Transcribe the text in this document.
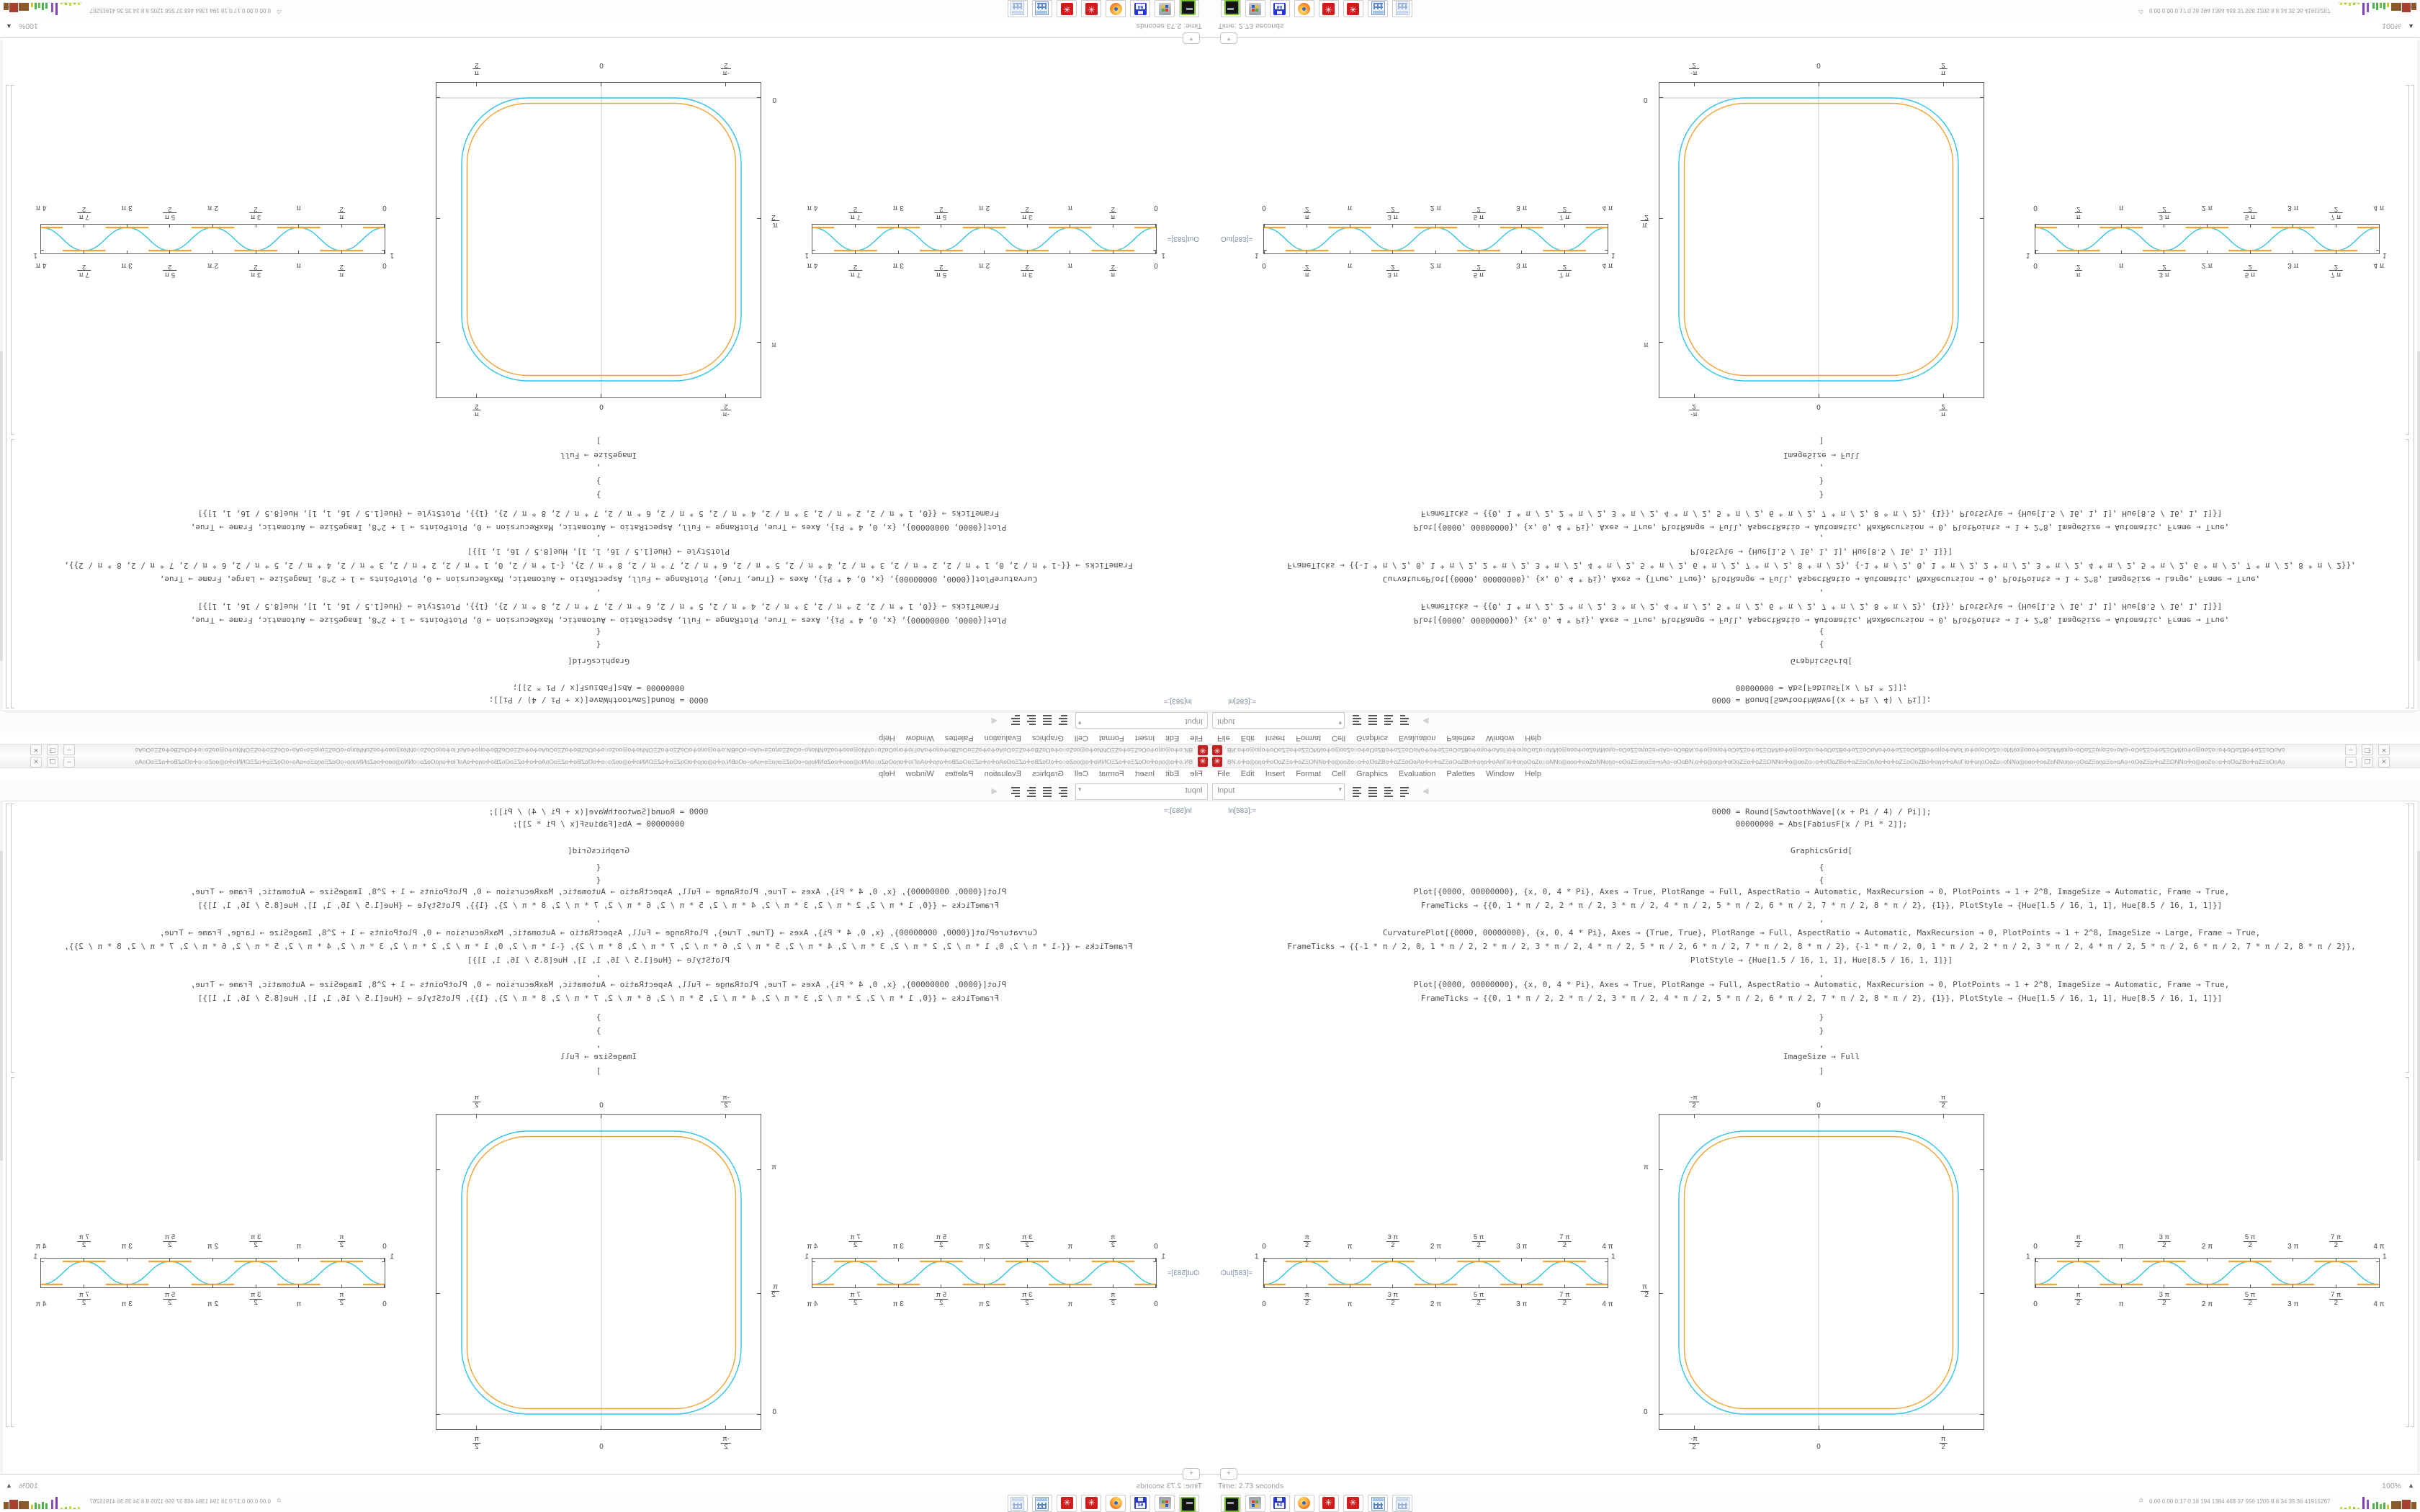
✳
ΒΝ.ο✛ο◎οηο✛οΟοΖΞο✛οΖΞΟΝΝο✛ο◎οοΖο○ο✛ο℧οΖΒο✛οΖΞοΟοΑο✛ο✛οΖΞοΟοΖΒο✛οηο✛οΑοΓΙο✛οηοΟοΖο○οΝΝο◎οοο✛οοΖοΝΝοηο÷οΟοΖΞοηοΞο=οΑο÷οΟοΒΝ.ο✛ο◎οηο✛οΟοΖΞο✛οΖΞΟΝΝο✛ο◎οοΖο○ο✛ο℧οΖΒο✛οΖΞοΟοΑο✛ο✛οΖΞοΟοΖΒο✛οηο✛οΑοΓΙο✛οηοΟοΖο○οΝΝο◎οοο✛οοΖοΝΝοηο÷οΟοΖΞοηοΞο=οΑο÷οΟοΖΞο✛οΖΞΟΝΝο✛ο◎οοΖο○ο✛ο℧οΖΒο✛οΖΞοΟοΑο
–
❐
✕
File
Edit
Insert
Format
Cell
Graphics
Evaluation
Palettes
Window
Help
Input
▾
◀
In[583]:=
0000 = Round[SawtoothWave[(x + Pi / 4) / Pi]];
00000000 = Abs[FabiusF[x / Pi * 2]];
GraphicsGrid[
{
{
Plot[{0000, 00000000}, {x, 0, 4 * Pi}, Axes → True, PlotRange → Full, AspectRatio → Automatic, MaxRecursion → 0, PlotPoints → 1 + 2^8, ImageSize → Automatic, Frame → True,
FrameTicks → {{0, 1 * π / 2, 2 * π / 2, 3 * π / 2, 4 * π / 2, 5 * π / 2, 6 * π / 2, 7 * π / 2, 8 * π / 2}, {1}}, PlotStyle → {Hue[1.5 / 16, 1, 1], Hue[8.5 / 16, 1, 1]}]
,
CurvaturePlot[{0000, 00000000}, {x, 0, 4 * Pi}, Axes → {True, True}, PlotRange → Full, AspectRatio → Automatic, MaxRecursion → 0, PlotPoints → 1 + 2^8, ImageSize → Large, Frame → True,
FrameTicks → {{-1 * π / 2, 0, 1 * π / 2, 2 * π / 2, 3 * π / 2, 4 * π / 2, 5 * π / 2, 6 * π / 2, 7 * π / 2, 8 * π / 2}, {-1 * π / 2, 0, 1 * π / 2, 2 * π / 2, 3 * π / 2, 4 * π / 2, 5 * π / 2, 6 * π / 2, 7 * π / 2, 8 * π / 2}},
PlotStyle → {Hue[1.5 / 16, 1, 1], Hue[8.5 / 16, 1, 1]}]
,
Plot[{0000, 00000000}, {x, 0, 4 * Pi}, Axes → True, PlotRange → Full, AspectRatio → Automatic, MaxRecursion → 0, PlotPoints → 1 + 2^8, ImageSize → Automatic, Frame → True,
FrameTicks → {{0, 1 * π / 2, 2 * π / 2, 3 * π / 2, 4 * π / 2, 5 * π / 2, 6 * π / 2, 7 * π / 2, 8 * π / 2}, {1}}, PlotStyle → {Hue[1.5 / 16, 1, 1], Hue[8.5 / 16, 1, 1]}]
}
}
,
ImageSize → Full
]
Out[583]=
0
π
2
π
3 π
2
2 π
5 π
2
3 π
7 π
2
4 π
0
π
2
π
3 π
2
2 π
5 π
2
3 π
7 π
2
4 π
1
1
0
π
2
π
3 π
2
2 π
5 π
2
3 π
7 π
2
4 π
0
π
2
π
3 π
2
2 π
5 π
2
3 π
7 π
2
4 π
1
1
-π
2
0
π
2
-π
2
0
π
2
π
π
2
0
+
Time: 2.73 seconds
100%
▲
✳ ✳	64
⌂
0.00 0.00 0.17 0.18 194 1384 468 37 556 1205 8.8 34 35 36 41915267
✳ ΒΝ.ο✛ο◎οηο✛οΟοΖΞο✛οΖΞΟΝΝο✛ο◎οοΖο○ο✛ο℧οΖΒο✛οΖΞοΟοΑο✛ο✛οΖΞοΟοΖΒο✛οηο✛οΑοΓΙο✛οηοΟοΖο○οΝΝο◎οοο✛οοΖοΝΝοηο÷οΟοΖΞοηοΞο=οΑο÷οΟοΒΝ.ο✛ο◎οηο✛οΟοΖΞο✛οΖΞΟΝΝο✛ο◎οοΖο○ο✛ο℧οΖΒο✛οΖΞοΟοΑο✛ο✛οΖΞοΟοΖΒο✛οηο✛οΑοΓΙο✛οηοΟοΖο○οΝΝο◎οοο✛οοΖοΝΝοηο÷οΟοΖΞοηοΞο=οΑο÷οΟοΖΞο✛οΖΞΟΝΝο✛ο◎οοΖο○ο✛ο℧οΖΒο✛οΖΞοΟοΑο	–	❐	✕
File Edit Insert Format Cell Graphics Evaluation Palettes Window Help
Input	▾	◀
In[583]:=	0000 = Round[SawtoothWave[(x + Pi / 4) / Pi]];
00000000 = Abs[FabiusF[x / Pi * 2]];
GraphicsGrid[
{
{
Plot[{0000, 00000000}, {x, 0, 4 * Pi}, Axes → True, PlotRange → Full, AspectRatio → Automatic, MaxRecursion → 0, PlotPoints → 1 + 2^8, ImageSize → Automatic, Frame → True,
FrameTicks → {{0, 1 * π / 2, 2 * π / 2, 3 * π / 2, 4 * π / 2, 5 * π / 2, 6 * π / 2, 7 * π / 2, 8 * π / 2}, {1}}, PlotStyle → {Hue[1.5 / 16, 1, 1], Hue[8.5 / 16, 1, 1]}]
,
CurvaturePlot[{0000, 00000000}, {x, 0, 4 * Pi}, Axes → {True, True}, PlotRange → Full, AspectRatio → Automatic, MaxRecursion → 0, PlotPoints → 1 + 2^8, ImageSize → Large, Frame → True,
FrameTicks → {{-1 * π / 2, 0, 1 * π / 2, 2 * π / 2, 3 * π / 2, 4 * π / 2, 5 * π / 2, 6 * π / 2, 7 * π / 2, 8 * π / 2}, {-1 * π / 2, 0, 1 * π / 2, 2 * π / 2, 3 * π / 2, 4 * π / 2, 5 * π / 2, 6 * π / 2, 7 * π / 2, 8 * π / 2}},
PlotStyle → {Hue[1.5 / 16, 1, 1], Hue[8.5 / 16, 1, 1]}]
,
Plot[{0000, 00000000}, {x, 0, 4 * Pi}, Axes → True, PlotRange → Full, AspectRatio → Automatic, MaxRecursion → 0, PlotPoints → 1 + 2^8, ImageSize → Automatic, Frame → True,
FrameTicks → {{0, 1 * π / 2, 2 * π / 2, 3 * π / 2, 4 * π / 2, 5 * π / 2, 6 * π / 2, 7 * π / 2, 8 * π / 2}, {1}}, PlotStyle → {Hue[1.5 / 16, 1, 1], Hue[8.5 / 16, 1, 1]}]
}
}
,
ImageSize → Full
]
Out[583]=
0
π
2	π
3 π
2	2 π
5 π
2	3 π
7 π
2	4 π
0
π
2	π
3 π
2	2 π
5 π
2	3 π
7 π
2	4 π
1	1
0
π
2	π
3 π
2	2 π
5 π
2	3 π
7 π
2	4 π
0
π
2	π
3 π
2	2 π
5 π
2	3 π
7 π
2	4 π
1	1
-π
2	0
π
2
-π
2	0
π
2
π
π
2
0
+
Time: 2.73 seconds	100% ▲
✳
✳
64
⌂ 0.00 0.00 0.17 0.18 194 1384 468 37 556 1205 8.8 34 35 36 41915267
✳
ΒΝ.ο✛ο◎οηο✛οΟοΖΞο✛οΖΞΟΝΝο✛ο◎οοΖο○ο✛ο℧οΖΒο✛οΖΞοΟοΑο✛ο✛οΖΞοΟοΖΒο✛οηο✛οΑοΓΙο✛οηοΟοΖο○οΝΝο◎οοο✛οοΖοΝΝοηο÷οΟοΖΞοηοΞο=οΑο÷οΟοΒΝ.ο✛ο◎οηο✛οΟοΖΞο✛οΖΞΟΝΝο✛ο◎οοΖο○ο✛ο℧οΖΒο✛οΖΞοΟοΑο✛ο✛οΖΞοΟοΖΒο✛οηο✛οΑοΓΙο✛οηοΟοΖο○οΝΝο◎οοο✛οοΖοΝΝοηο÷οΟοΖΞοηοΞο=οΑο÷οΟοΖΞο✛οΖΞΟΝΝο✛ο◎οοΖο○ο✛ο℧οΖΒο✛οΖΞοΟοΑο
–
❐
✕
File
Edit
Insert
Format
Cell
Graphics
Evaluation
Palettes
Window
Help
Input
▾
◀
In[583]:=
0000 = Round[SawtoothWave[(x + Pi / 4) / Pi]];
00000000 = Abs[FabiusF[x / Pi * 2]];
GraphicsGrid[
{
{
Plot[{0000, 00000000}, {x, 0, 4 * Pi}, Axes → True, PlotRange → Full, AspectRatio → Automatic, MaxRecursion → 0, PlotPoints → 1 + 2^8, ImageSize → Automatic, Frame → True,
FrameTicks → {{0, 1 * π / 2, 2 * π / 2, 3 * π / 2, 4 * π / 2, 5 * π / 2, 6 * π / 2, 7 * π / 2, 8 * π / 2}, {1}}, PlotStyle → {Hue[1.5 / 16, 1, 1], Hue[8.5 / 16, 1, 1]}]
,
CurvaturePlot[{0000, 00000000}, {x, 0, 4 * Pi}, Axes → {True, True}, PlotRange → Full, AspectRatio → Automatic, MaxRecursion → 0, PlotPoints → 1 + 2^8, ImageSize → Large, Frame → True,
FrameTicks → {{-1 * π / 2, 0, 1 * π / 2, 2 * π / 2, 3 * π / 2, 4 * π / 2, 5 * π / 2, 6 * π / 2, 7 * π / 2, 8 * π / 2}, {-1 * π / 2, 0, 1 * π / 2, 2 * π / 2, 3 * π / 2, 4 * π / 2, 5 * π / 2, 6 * π / 2, 7 * π / 2, 8 * π / 2}},
PlotStyle → {Hue[1.5 / 16, 1, 1], Hue[8.5 / 16, 1, 1]}]
,
Plot[{0000, 00000000}, {x, 0, 4 * Pi}, Axes → True, PlotRange → Full, AspectRatio → Automatic, MaxRecursion → 0, PlotPoints → 1 + 2^8, ImageSize → Automatic, Frame → True,
FrameTicks → {{0, 1 * π / 2, 2 * π / 2, 3 * π / 2, 4 * π / 2, 5 * π / 2, 6 * π / 2, 7 * π / 2, 8 * π / 2}, {1}}, PlotStyle → {Hue[1.5 / 16, 1, 1], Hue[8.5 / 16, 1, 1]}]
}
}
,
ImageSize → Full
]
Out[583]=
0
$\frac{\pi}{2}$
π
$\frac{3 \pi}{2}$
2 π
$\frac{5 \pi}{2}$
3 π
$\frac{7 \pi}{2}$
4 π
0
$\frac{\pi}{2}$
π
$\frac{3 \pi}{2}$
2 π
$\frac{5 \pi}{2}$
3 π
$\frac{7 \pi}{2}$
4 π
1
1
0
$\frac{\pi}{2}$
π
$\frac{3 \pi}{2}$
2 π
$\frac{5 \pi}{2}$
3 π
$\frac{7 \pi}{2}$
4 π
0
$\frac{\pi}{2}$
π
$\frac{3 \pi}{2}$
2 π
$\frac{5 \pi}{2}$
3 π
$\frac{7 \pi}{2}$
4 π
1
1
$\frac{-\pi}{2}$
0
$\frac{\pi}{2}$
$\frac{-\pi}{2}$
0
$\frac{\pi}{2}$
π
$\frac{\pi}{2}$
0
+
Time: 2.73 seconds
100%
▲
✳ ✳	64
⌂
0.00 0.00 0.17 0.18 194 1384 468 37 556 1205 8.8 34 35 36 41915267
✳ ΒΝ.ο✛ο◎οηο✛οΟοΖΞο✛οΖΞΟΝΝο✛ο◎οοΖο○ο✛ο℧οΖΒο✛οΖΞοΟοΑο✛ο✛οΖΞοΟοΖΒο✛οηο✛οΑοΓΙο✛οηοΟοΖο○οΝΝο◎οοο✛οοΖοΝΝοηο÷οΟοΖΞοηοΞο=οΑο÷οΟοΒΝ.ο✛ο◎οηο✛οΟοΖΞο✛οΖΞΟΝΝο✛ο◎οοΖο○ο✛ο℧οΖΒο✛οΖΞοΟοΑο✛ο✛οΖΞοΟοΖΒο✛οηο✛οΑοΓΙο✛οηοΟοΖο○οΝΝο◎οοο✛οοΖοΝΝοηο÷οΟοΖΞοηοΞο=οΑο÷οΟοΖΞο✛οΖΞΟΝΝο✛ο◎οοΖο○ο✛ο℧οΖΒο✛οΖΞοΟοΑο	–	❐	✕
File Edit Insert Format Cell Graphics Evaluation Palettes Window Help
Input	▾	◀
In[583]:=	0000 = Round[SawtoothWave[(x + Pi / 4) / Pi]];
00000000 = Abs[FabiusF[x / Pi * 2]];
GraphicsGrid[
{
{
Plot[{0000, 00000000}, {x, 0, 4 * Pi}, Axes → True, PlotRange → Full, AspectRatio → Automatic, MaxRecursion → 0, PlotPoints → 1 + 2^8, ImageSize → Automatic, Frame → True,
FrameTicks → {{0, 1 * π / 2, 2 * π / 2, 3 * π / 2, 4 * π / 2, 5 * π / 2, 6 * π / 2, 7 * π / 2, 8 * π / 2}, {1}}, PlotStyle → {Hue[1.5 / 16, 1, 1], Hue[8.5 / 16, 1, 1]}]
,
CurvaturePlot[{0000, 00000000}, {x, 0, 4 * Pi}, Axes → {True, True}, PlotRange → Full, AspectRatio → Automatic, MaxRecursion → 0, PlotPoints → 1 + 2^8, ImageSize → Large, Frame → True,
FrameTicks → {{-1 * π / 2, 0, 1 * π / 2, 2 * π / 2, 3 * π / 2, 4 * π / 2, 5 * π / 2, 6 * π / 2, 7 * π / 2, 8 * π / 2}, {-1 * π / 2, 0, 1 * π / 2, 2 * π / 2, 3 * π / 2, 4 * π / 2, 5 * π / 2, 6 * π / 2, 7 * π / 2, 8 * π / 2}},
PlotStyle → {Hue[1.5 / 16, 1, 1], Hue[8.5 / 16, 1, 1]}]
,
Plot[{0000, 00000000}, {x, 0, 4 * Pi}, Axes → True, PlotRange → Full, AspectRatio → Automatic, MaxRecursion → 0, PlotPoints → 1 + 2^8, ImageSize → Automatic, Frame → True,
FrameTicks → {{0, 1 * π / 2, 2 * π / 2, 3 * π / 2, 4 * π / 2, 5 * π / 2, 6 * π / 2, 7 * π / 2, 8 * π / 2}, {1}}, PlotStyle → {Hue[1.5 / 16, 1, 1], Hue[8.5 / 16, 1, 1]}]
}
}
,
ImageSize → Full
]
Out[583]=
0	$\frac{\pi}{2}$	π	$\frac{3 \pi}{2}$	2 π	$\frac{5 \pi}{2}$	3 π	$\frac{7 \pi}{2}$	4 π
0	$\frac{\pi}{2}$	π	$\frac{3 \pi}{2}$	2 π	$\frac{5 \pi}{2}$	3 π	$\frac{7 \pi}{2}$	4 π
1	1
0	$\frac{\pi}{2}$	π	$\frac{3 \pi}{2}$	2 π	$\frac{5 \pi}{2}$	3 π	$\frac{7 \pi}{2}$	4 π
0	$\frac{\pi}{2}$	π	$\frac{3 \pi}{2}$	2 π	$\frac{5 \pi}{2}$	3 π	$\frac{7 \pi}{2}$	4 π
1	1
$\frac{-\pi}{2}$	0	$\frac{\pi}{2}$
$\frac{-\pi}{2}$	0	$\frac{\pi}{2}$
π
$\frac{\pi}{2}$
0
+
Time: 2.73 seconds	100% ▲
✳
✳
64
⌂ 0.00 0.00 0.17 0.18 194 1384 468 37 556 1205 8.8 34 35 36 41915267
